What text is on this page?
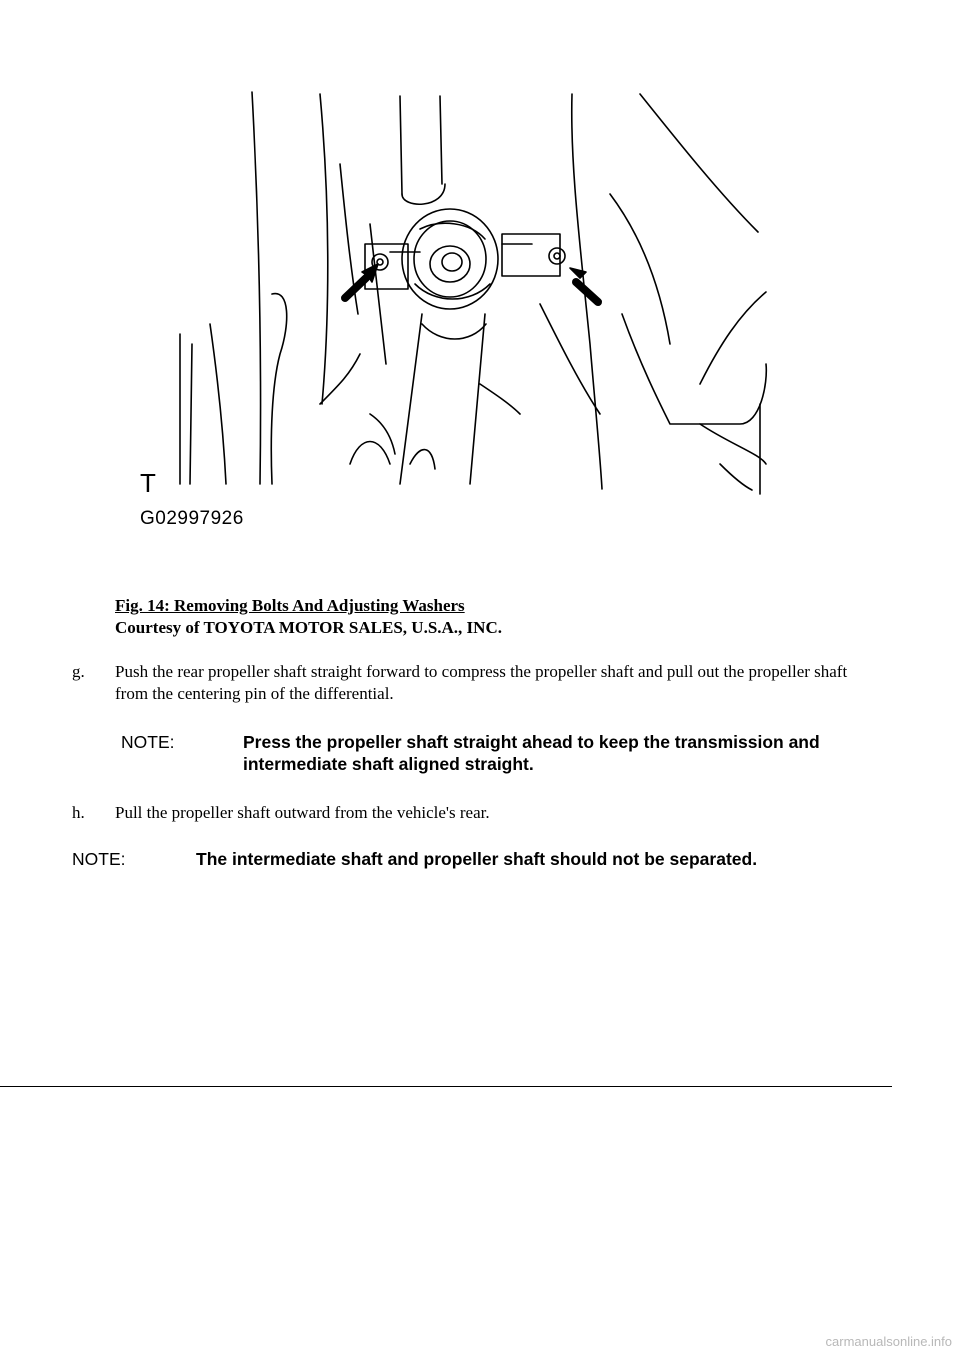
T
G02997926
Fig. 14: Removing Bolts And Adjusting Washers
Courtesy of TOYOTA MOTOR SALES, U.S.A., INC.
g. Push the rear propeller shaft straight forward to compress the propeller shaft and pull out the propeller shaft from the centering pin of the differential.
NOTE:	Press the propeller shaft straight ahead to keep the transmission and intermediate shaft aligned straight.
h. Pull the propeller shaft outward from the vehicle's rear.
NOTE:	The intermediate shaft and propeller shaft should not be separated.
carmanualsonline.info
